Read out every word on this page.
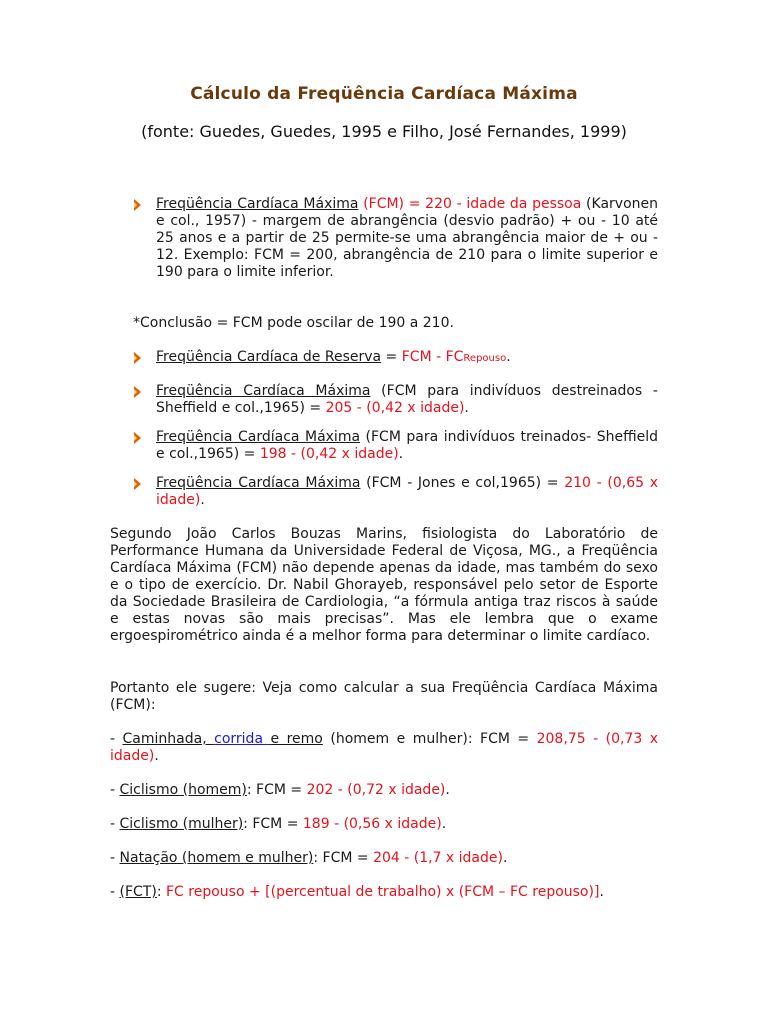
Cálculo da Freqüência Cardíaca Máxima
(fonte: Guedes, Guedes, 1995 e Filho, José Fernandes, 1999)
Freqüência Cardíaca Máxima (FCM) = 220 - idade da pessoa (Karvonen e col., 1957) - margem de abrangência (desvio padrão) + ou - 10 até 25 anos e a partir de 25 permite-se uma abrangência maior de + ou - 12. Exemplo: FCM = 200, abrangência de 210 para o limite superior e 190 para o limite inferior.
*Conclusão = FCM pode oscilar de 190 a 210.
Freqüência Cardíaca de Reserva = FCM - FCRepouso.
Freqüência Cardíaca Máxima (FCM para indivíduos destreinados - Sheffield e col.,1965) = 205 - (0,42 x idade).
Freqüência Cardíaca Máxima (FCM para indivíduos treinados- Sheffield e col.,1965) = 198 - (0,42 x idade).
Freqüência Cardíaca Máxima (FCM - Jones e col,1965) = 210 - (0,65 x idade).
Segundo João Carlos Bouzas Marins, fisiologista do Laboratório de Performance Humana da Universidade Federal de Viçosa, MG., a Freqüência Cardíaca Máxima (FCM) não depende apenas da idade, mas também do sexo e o tipo de exercício. Dr. Nabil Ghorayeb, responsável pelo setor de Esporte da Sociedade Brasileira de Cardiologia, “a fórmula antiga traz riscos à saúde e estas novas são mais precisas”. Mas ele lembra que o exame ergoespirométrico ainda é a melhor forma para determinar o limite cardíaco.
Portanto ele sugere: Veja como calcular a sua Freqüência Cardíaca Máxima (FCM):
- Caminhada, corrida e remo (homem e mulher): FCM = 208,75 - (0,73 x idade).
- Ciclismo (homem): FCM = 202 - (0,72 x idade).
- Ciclismo (mulher): FCM = 189 - (0,56 x idade).
- Natação (homem e mulher): FCM = 204 - (1,7 x idade).
- (FCT): FC repouso + [(percentual de trabalho) x (FCM – FC repouso)].
